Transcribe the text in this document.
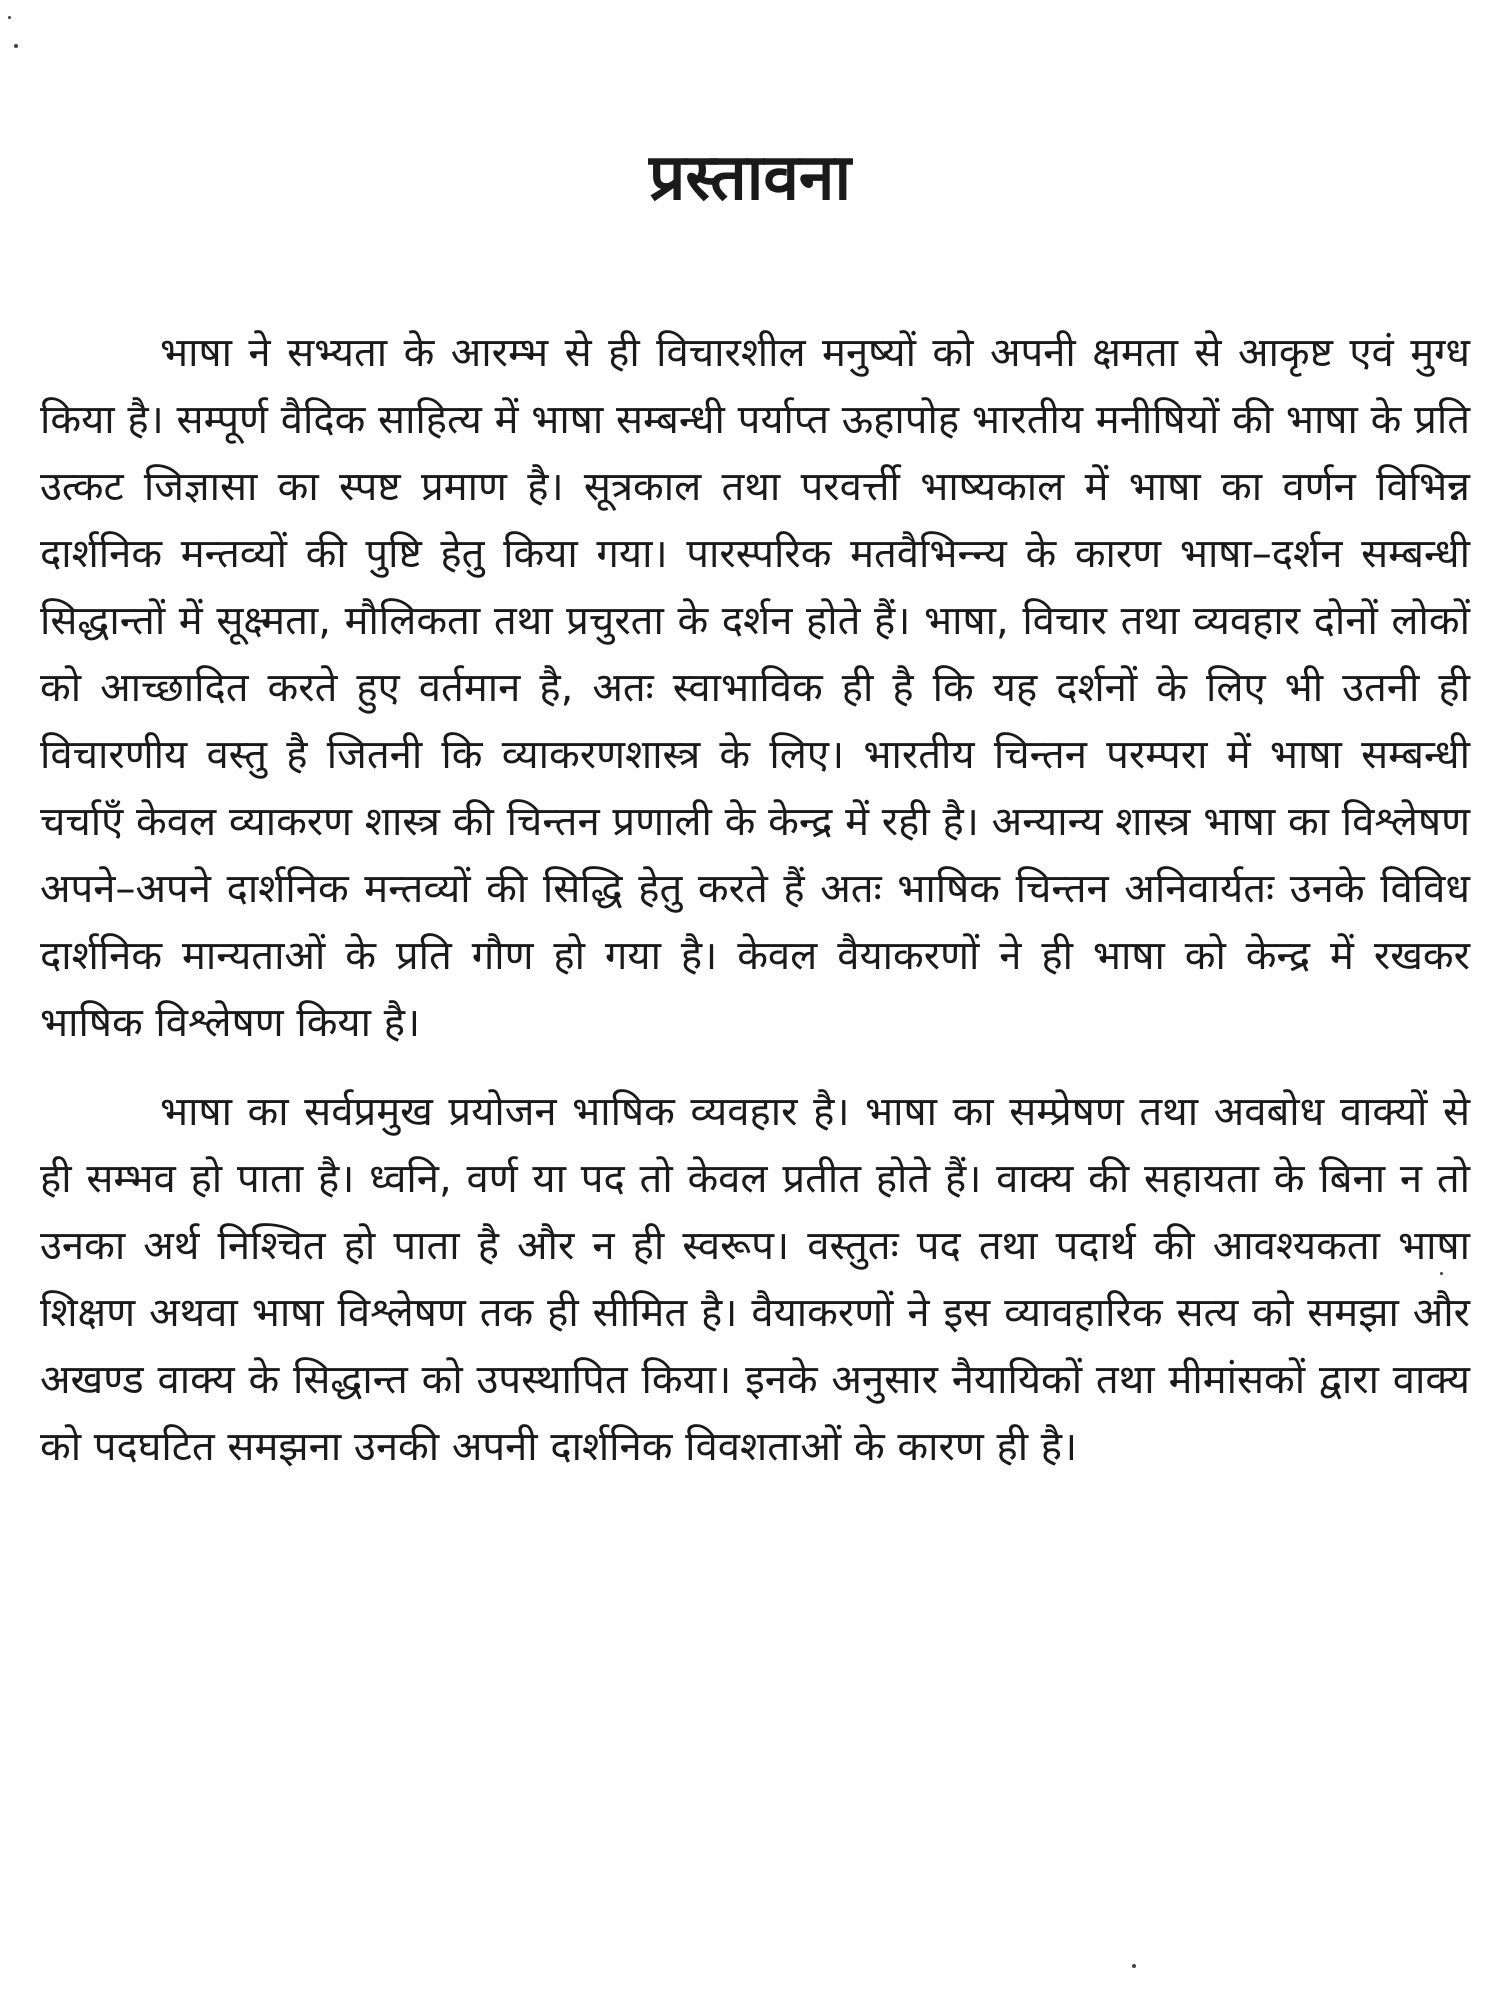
प्रस्तावना

भाषा ने सभ्यता के आरम्भ से ही विचारशील मनुष्यों को अपनी क्षमता से आकृष्ट एवं मुग्ध किया है। सम्पूर्ण वैदिक साहित्य में भाषा सम्बन्धी पर्याप्त ऊहापोह भारतीय मनीषियों की भाषा के प्रति उत्कट जिज्ञासा का स्पष्ट प्रमाण है। सूत्रकाल तथा परवर्त्ती भाष्यकाल में भाषा का वर्णन विभिन्न दार्शनिक मन्तव्यों की पुष्टि हेतु किया गया। पारस्परिक मतवैभिन्न्य के कारण भाषा–दर्शन सम्बन्धी सिद्धान्तों में सूक्ष्मता, मौलिकता तथा प्रचुरता के दर्शन होते हैं। भाषा, विचार तथा व्यवहार दोनों लोकों को आच्छादित करते हुए वर्तमान है, अतः स्वाभाविक ही है कि यह दर्शनों के लिए भी उतनी ही विचारणीय वस्तु है जितनी कि व्याकरणशास्त्र के लिए। भारतीय चिन्तन परम्परा में भाषा सम्बन्धी चर्चाएँ केवल व्याकरण शास्त्र की चिन्तन प्रणाली के केन्द्र में रही है। अन्यान्य शास्त्र भाषा का विश्लेषण अपने–अपने दार्शनिक मन्तव्यों की सिद्धि हेतु करते हैं अतः भाषिक चिन्तन अनिवार्यतः उनके विविध दार्शनिक मान्यताओं के प्रति गौण हो गया है। केवल वैयाकरणों ने ही भाषा को केन्द्र में रखकर भाषिक विश्लेषण किया है।

भाषा का सर्वप्रमुख प्रयोजन भाषिक व्यवहार है। भाषा का सम्प्रेषण तथा अवबोध वाक्यों से ही सम्भव हो पाता है। ध्वनि, वर्ण या पद तो केवल प्रतीत होते हैं। वाक्य की सहायता के बिना न तो उनका अर्थ निश्चित हो पाता है और न ही स्वरूप। वस्तुतः पद तथा पदार्थ की आवश्यकता भाषा शिक्षण अथवा भाषा विश्लेषण तक ही सीमित है। वैयाकरणों ने इस व्यावहारिक सत्य को समझा और अखण्ड वाक्य के सिद्धान्त को उपस्थापित किया। इनके अनुसार नैयायिकों तथा मीमांसकों द्वारा वाक्य को पदघटित समझना उनकी अपनी दार्शनिक विवशताओं के कारण ही है।
